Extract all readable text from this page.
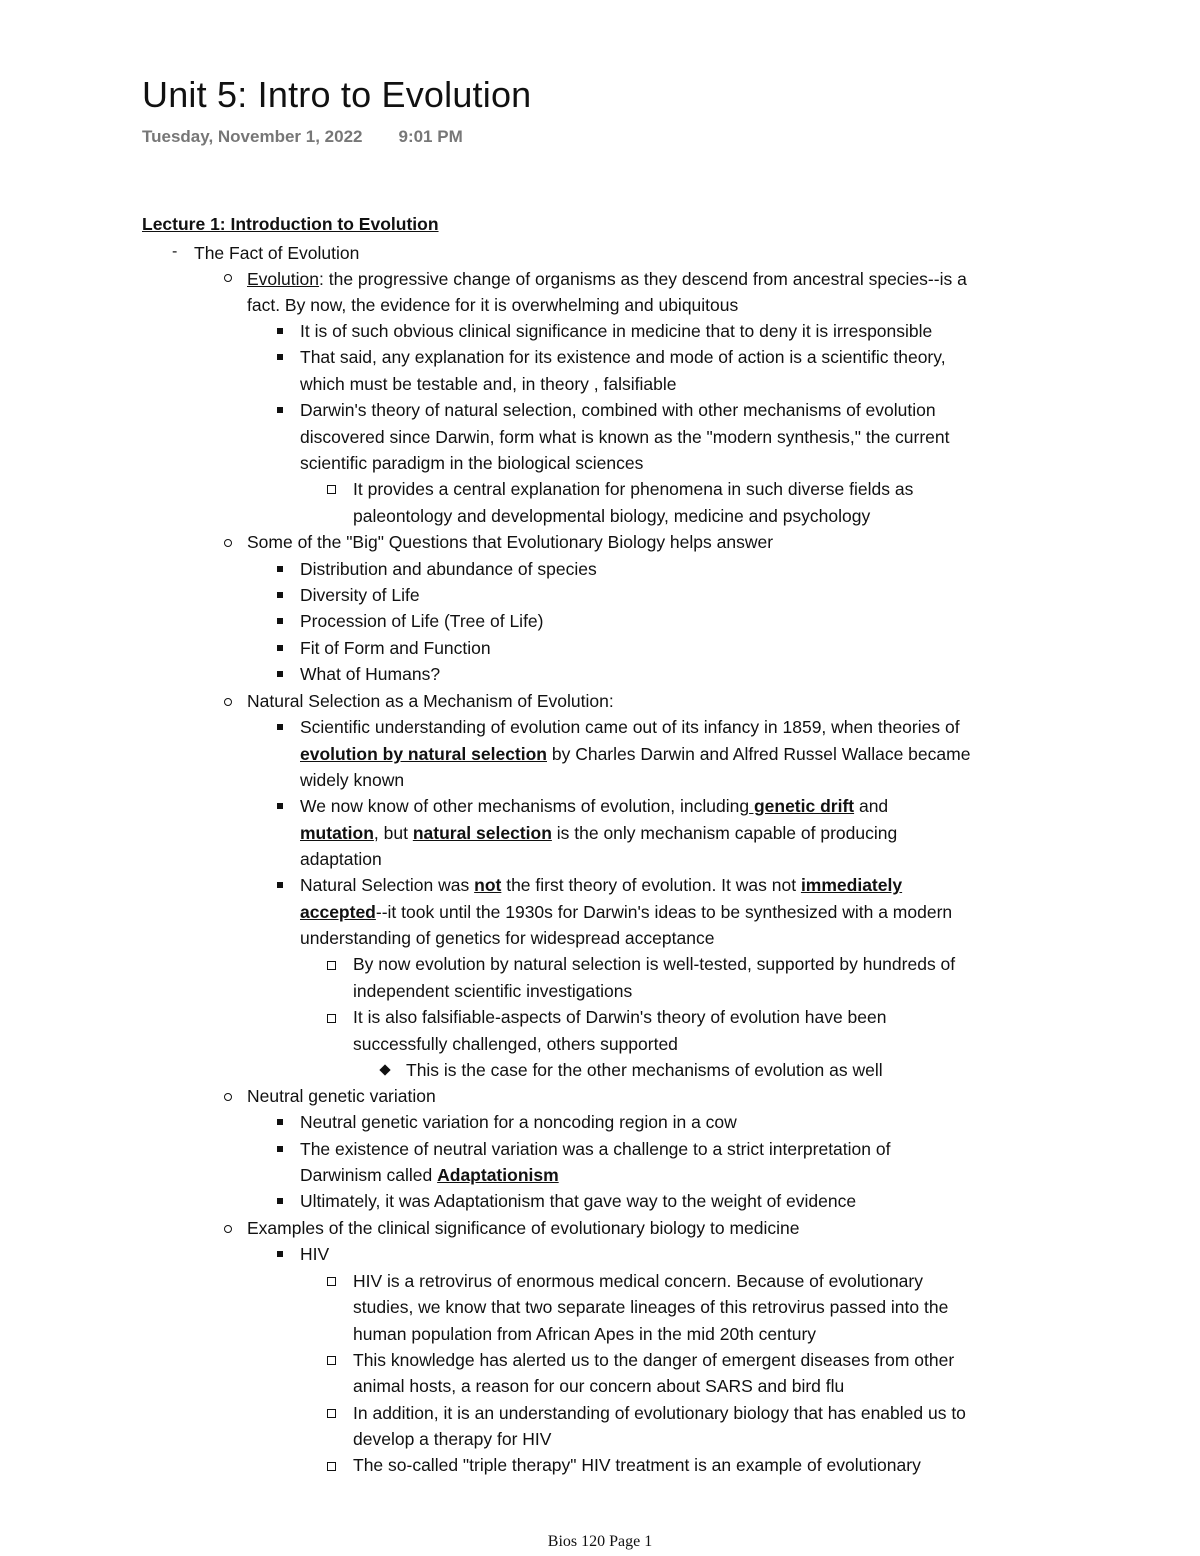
Unit 5: Intro to Evolution
Tuesday, November 1, 2022 9:01 PM
Lecture 1: Introduction to Evolution
- The Fact of Evolution
Evolution: the progressive change of organisms as they descend from ancestral species--is a
fact. By now, the evidence for it is overwhelming and ubiquitous
It is of such obvious clinical significance in medicine that to deny it is irresponsible
That said, any explanation for its existence and mode of action is a scientific theory,
which must be testable and, in theory , falsifiable
Darwin's theory of natural selection, combined with other mechanisms of evolution
discovered since Darwin, form what is known as the "modern synthesis," the current
scientific paradigm in the biological sciences
It provides a central explanation for phenomena in such diverse fields as
paleontology and developmental biology, medicine and psychology
Some of the "Big" Questions that Evolutionary Biology helps answer
Distribution and abundance of species
Diversity of Life
Procession of Life (Tree of Life)
Fit of Form and Function
What of Humans?
Natural Selection as a Mechanism of Evolution:
Scientific understanding of evolution came out of its infancy in 1859, when theories of
evolution by natural selection by Charles Darwin and Alfred Russel Wallace became
widely known
We now know of other mechanisms of evolution, including genetic drift and
mutation, but natural selection is the only mechanism capable of producing
adaptation
Natural Selection was not the first theory of evolution. It was not immediately
accepted--it took until the 1930s for Darwin's ideas to be synthesized with a modern
understanding of genetics for widespread acceptance
By now evolution by natural selection is well-tested, supported by hundreds of
independent scientific investigations
It is also falsifiable-aspects of Darwin's theory of evolution have been
successfully challenged, others supported
This is the case for the other mechanisms of evolution as well
Neutral genetic variation
Neutral genetic variation for a noncoding region in a cow
The existence of neutral variation was a challenge to a strict interpretation of
Darwinism called Adaptationism
Ultimately, it was Adaptationism that gave way to the weight of evidence
Examples of the clinical significance of evolutionary biology to medicine
HIV
HIV is a retrovirus of enormous medical concern. Because of evolutionary
studies, we know that two separate lineages of this retrovirus passed into the
human population from African Apes in the mid 20th century
This knowledge has alerted us to the danger of emergent diseases from other
animal hosts, a reason for our concern about SARS and bird flu
In addition, it is an understanding of evolutionary biology that has enabled us to
develop a therapy for HIV
The so-called "triple therapy" HIV treatment is an example of evolutionary
Bios 120 Page 1
